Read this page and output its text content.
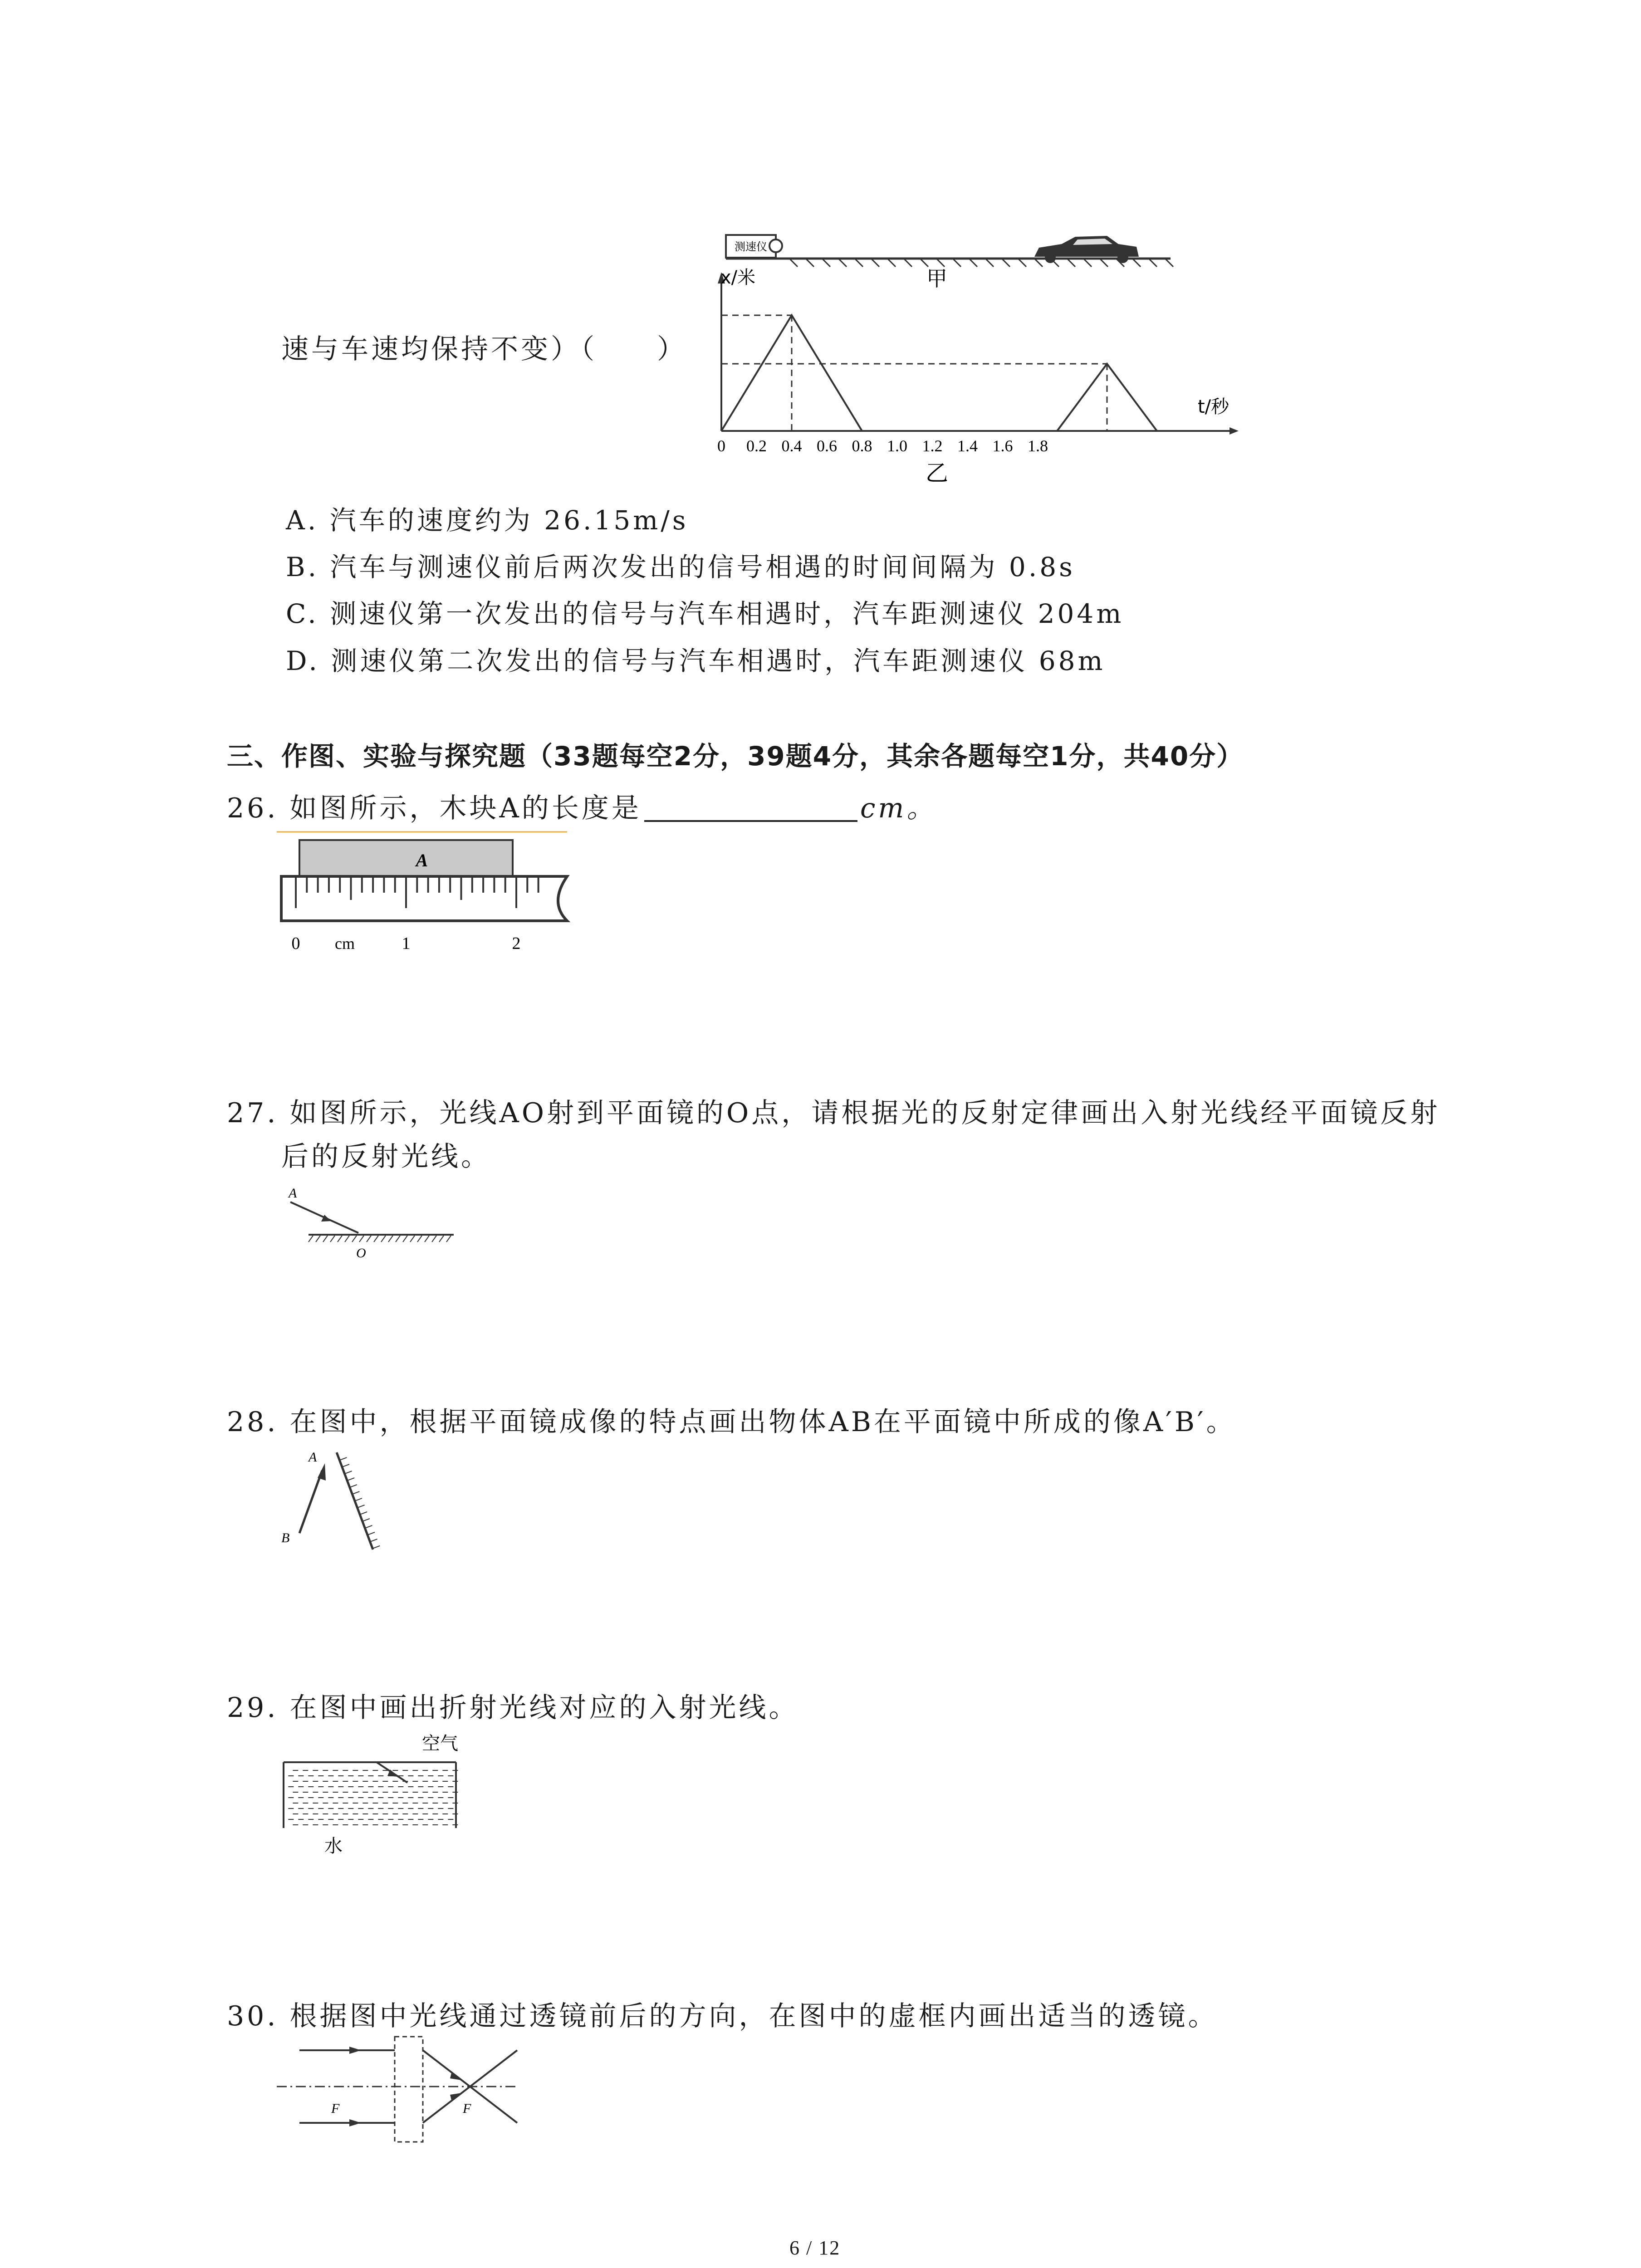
速与车速均保持不变）（　　）
测速仪
甲
x/米
t/秒
0 0.2 0.4 0.6 0.8 1.0 1.2 1.4 1.6 1.8
乙
A. 汽车的速度约为 26.15m/s
B. 汽车与测速仪前后两次发出的信号相遇的时间间隔为 0.8s
C. 测速仪第一次发出的信号与汽车相遇时，汽车距测速仪 204m
D. 测速仪第二次发出的信号与汽车相遇时，汽车距测速仪 68m
三、作图、实验与探究题（33题每空2分，39题4分，其余各题每空1分，共40分）
26. 如图所示，木块A的长度是	cm。
A
0 cm	1	2
27. 如图所示，光线AO射到平面镜的O点，请根据光的反射定律画出入射光线经平面镜反射
后的反射光线。
A
O
28. 在图中，根据平面镜成像的特点画出物体AB在平面镜中所成的像A′B′。
A
B
29. 在图中画出折射光线对应的入射光线。
空气
水
30. 根据图中光线通过透镜前后的方向，在图中的虚框内画出适当的透镜。
F	F
6 / 12
